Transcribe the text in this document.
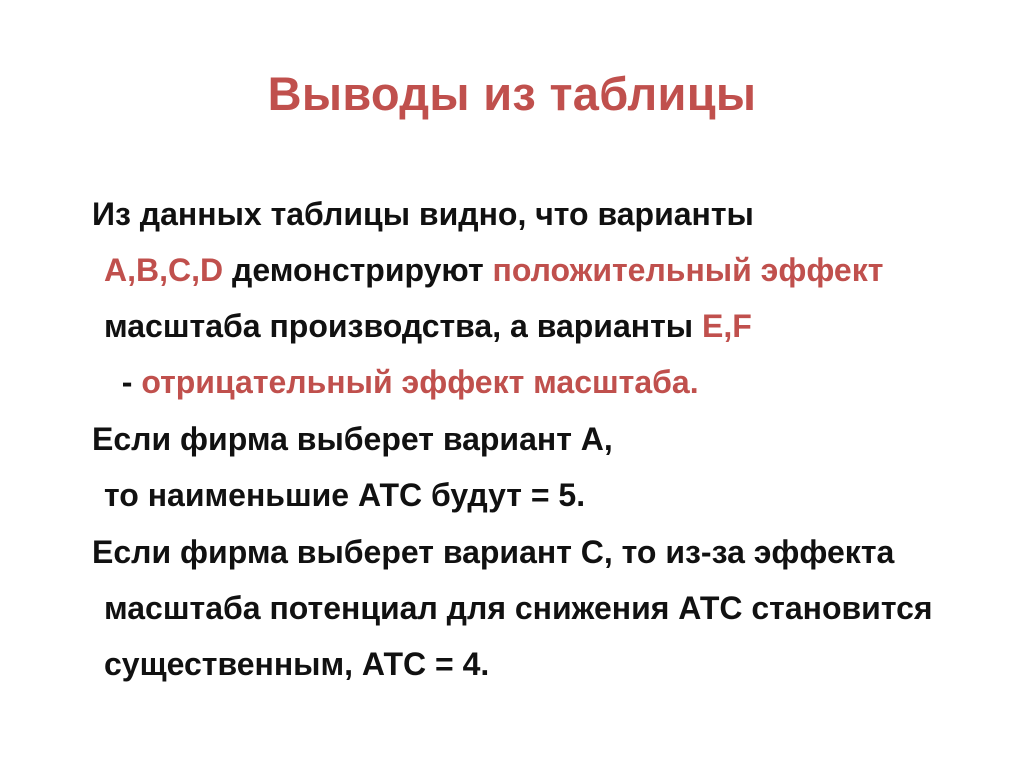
Выводы из таблицы

Из данных таблицы видно, что варианты
A,B,C,D демонстрируют положительный эффект масштаба производства, а варианты E,F  - отрицательный эффект масштаба.

Если фирма выберет вариант А, то наименьшие АТС будут = 5.

Если фирма выберет вариант С, то из-за эффекта масштаба потенциал для снижения АТС становится существенным, АТС = 4.
